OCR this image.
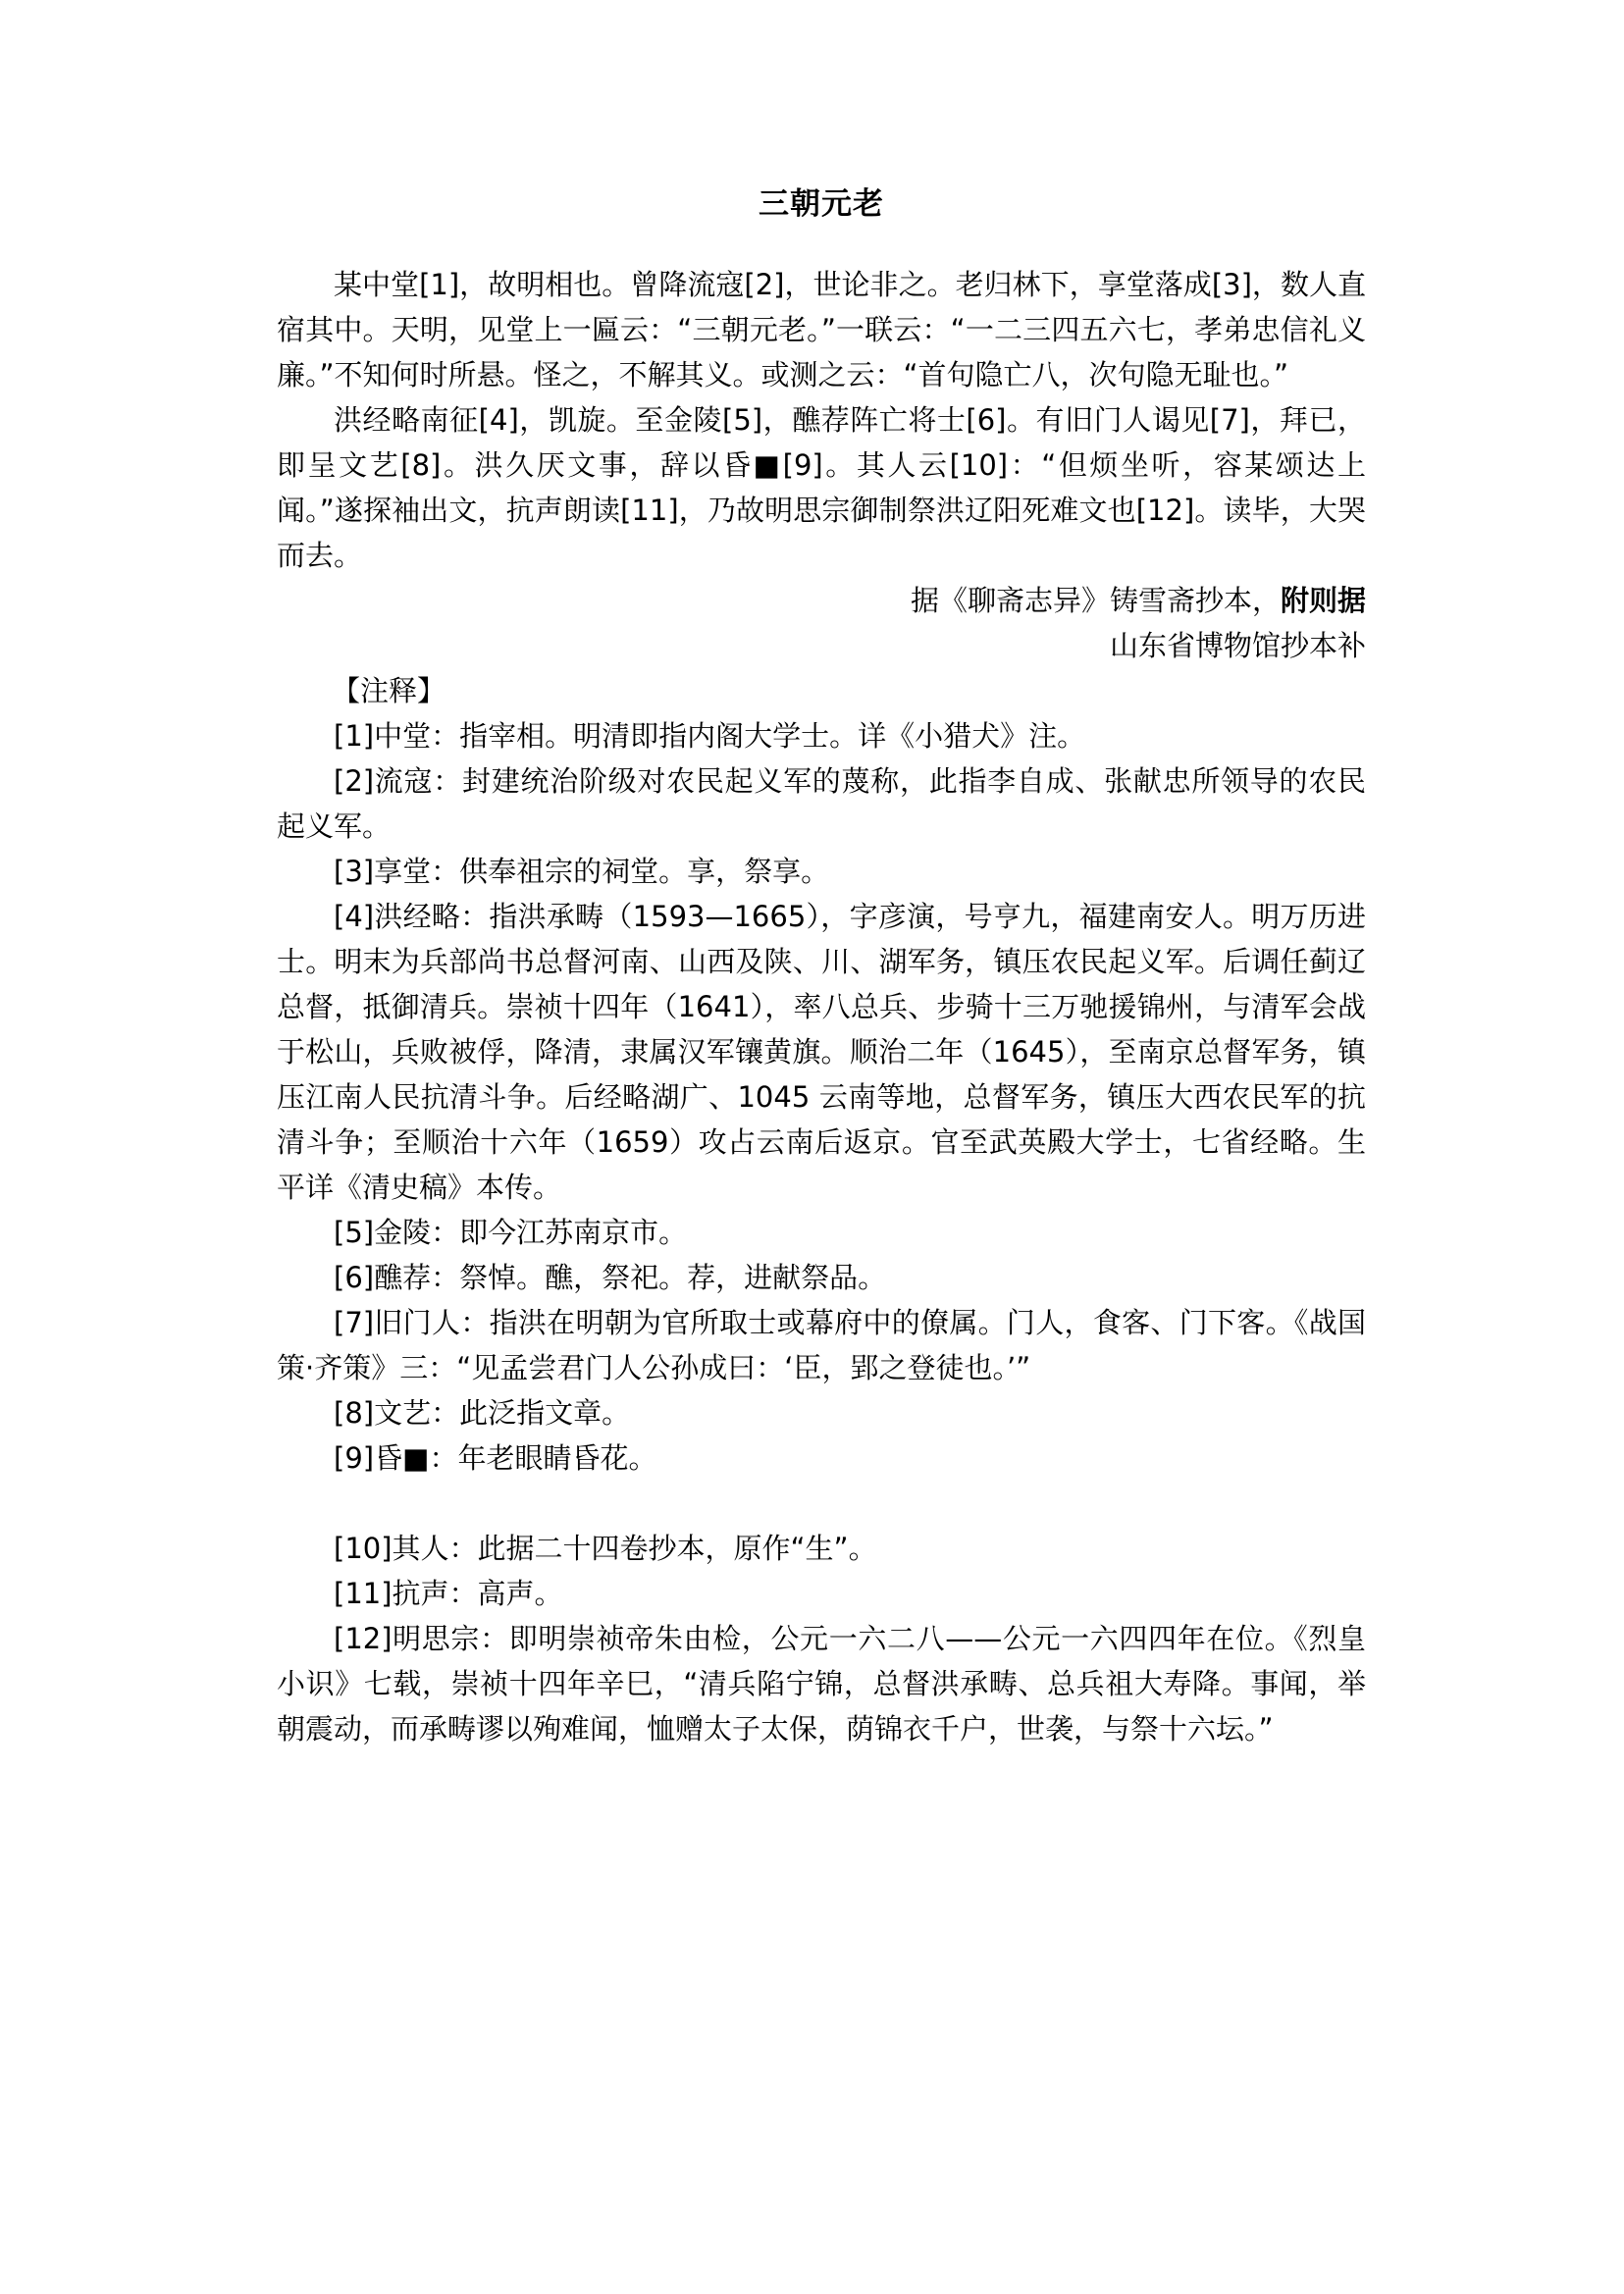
三朝元老

某中堂[1]，故明相也。曾降流寇[2]，世论非之。老归林下，享堂落成[3]，数人直宿其中。天明，见堂上一匾云：“三朝元老。”一联云：“一二三四五六七，孝弟忠信礼义廉。”不知何时所悬。怪之，不解其义。或测之云：“首句隐亡八，次句隐无耻也。”

洪经略南征[4]，凯旋。至金陵[5]，醮荐阵亡将士[6]。有旧门人谒见[7]，拜已，即呈文艺[8]。洪久厌文事，辞以昏■[9]。其人云[10]：“但烦坐听，容某颂达上闻。”遂探袖出文，抗声朗读[11]，乃故明思宗御制祭洪辽阳死难文也[12]。读毕，大哭而去。

据《聊斋志异》铸雪斋抄本，附则据

山东省博物馆抄本补

【注释】

[1]中堂：指宰相。明清即指内阁大学士。详《小猎犬》注。

[2]流寇：封建统治阶级对农民起义军的蔑称，此指李自成、张献忠所领导的农民起义军。

[3]享堂：供奉祖宗的祠堂。享，祭享。

[4]洪经略：指洪承畴（1593—1665），字彦演，号亨九，福建南安人。明万历进士。明末为兵部尚书总督河南、山西及陕、川、湖军务，镇压农民起义军。后调任蓟辽总督，抵御清兵。崇祯十四年（1641），率八总兵、步骑十三万驰援锦州，与清军会战于松山，兵败被俘，降清，隶属汉军镶黄旗。顺治二年（1645），至南京总督军务，镇压江南人民抗清斗争。后经略湖广、1045 云南等地，总督军务，镇压大西农民军的抗清斗争；至顺治十六年（1659）攻占云南后返京。官至武英殿大学士，七省经略。生平详《清史稿》本传。

[5]金陵：即今江苏南京市。

[6]醮荐：祭悼。醮，祭祀。荐，进献祭品。

[7]旧门人：指洪在明朝为官所取士或幕府中的僚属。门人，食客、门下客。《战国策·齐策》三：“见孟尝君门人公孙成曰：‘臣，郢之登徒也。’”

[8]文艺：此泛指文章。

[9]昏■：年老眼睛昏花。

[10]其人：此据二十四卷抄本，原作“生”。

[11]抗声：高声。

[12]明思宗：即明崇祯帝朱由检，公元一六二八——公元一六四四年在位。《烈皇小识》七载，崇祯十四年辛巳，“清兵陷宁锦，总督洪承畴、总兵祖大寿降。事闻，举朝震动，而承畴谬以殉难闻，恤赠太子太保，荫锦衣千户，世袭，与祭十六坛。”
